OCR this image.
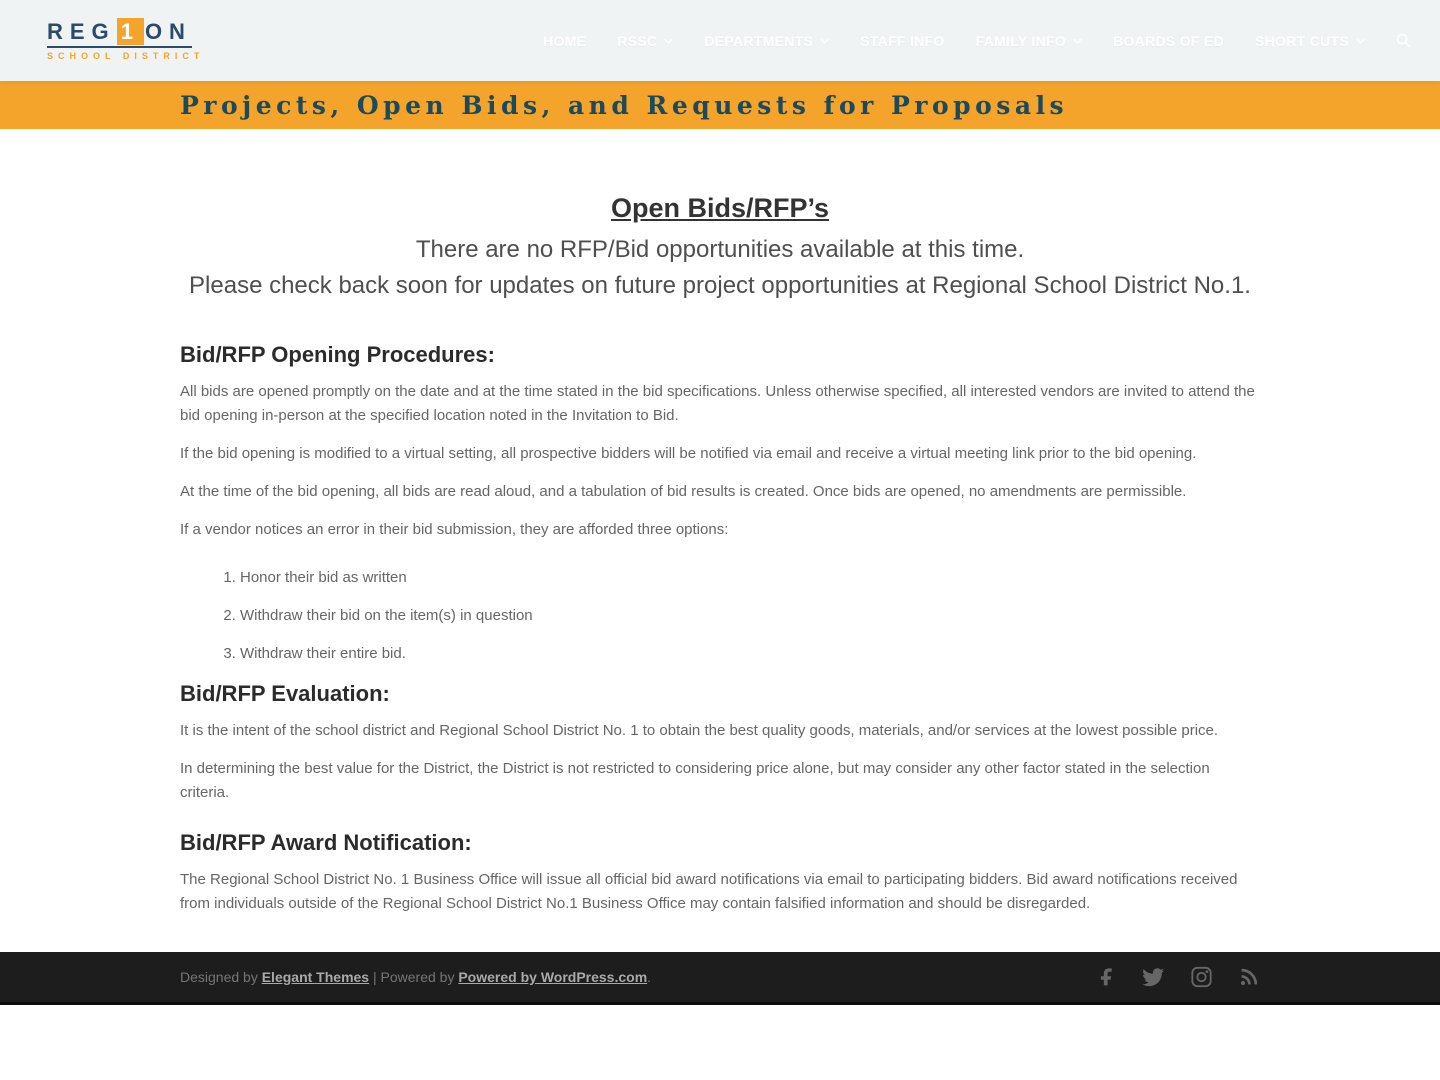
REG 1 ON
SCHOOL DISTRICT
HOME RSSC	DEPARTMENTS	STAFF INFO FAMILY INFO	BOARDS OF ED SHORT CUTS
Projects, Open Bids, and Requests for Proposals
Open Bids/RFP’s

There are no RFP/Bid opportunities available at this time.

Please check back soon for updates on future project opportunities at Regional School District No.1.

Bid/RFP Opening Procedures:

All bids are opened promptly on the date and at the time stated in the bid specifications. Unless otherwise specified, all interested vendors are invited to attend the bid opening in-person at the specified location noted in the Invitation to Bid.

If the bid opening is modified to a virtual setting, all prospective bidders will be notified via email and receive a virtual meeting link prior to the bid opening.

At the time of the bid opening, all bids are read aloud, and a tabulation of bid results is created. Once bids are opened, no amendments are permissible.

If a vendor notices an error in their bid submission, they are afforded three options:

1. Honor their bid as written
2. Withdraw their bid on the item(s) in question
3. Withdraw their entire bid.
Bid/RFP Evaluation:

It is the intent of the school district and Regional School District No. 1 to obtain the best quality goods, materials, and/or services at the lowest possible price.

In determining the best value for the District, the District is not restricted to considering price alone, but may consider any other factor stated in the selection criteria.

Bid/RFP Award Notification:

The Regional School District No. 1 Business Office will issue all official bid award notifications via email to participating bidders. Bid award notifications received from individuals outside of the Regional School District No.1 Business Office may contain falsified information and should be disregarded.

Designed by Elegant Themes | Powered by Powered by WordPress.com.
